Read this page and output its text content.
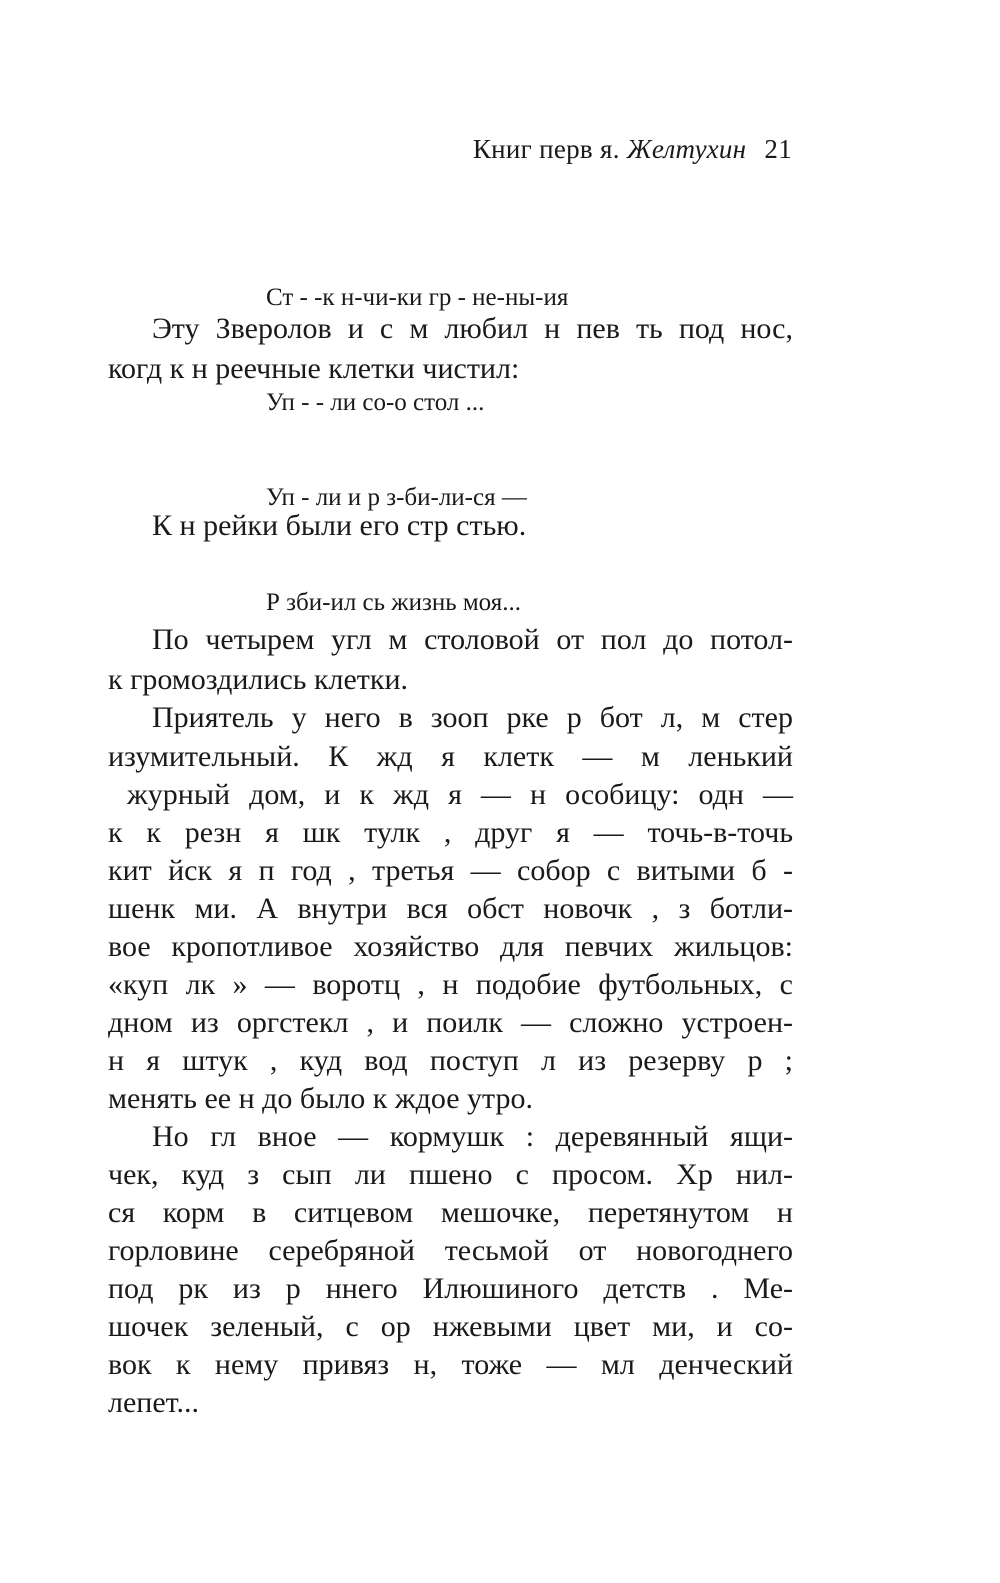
Книг перв я. Желтухин 21

Ст - -к н-чи-ки гр - не-ны-ия

Уп - - ли со-о стол ...

Эту Зверолов и с м любил н пев ть под нос,
когд к н реечные клетки чистил:

Уп - ли и р з-би-ли-ся —

Р зби-ил сь жизнь моя...

К н рейки были его стр стью.
По четырем угл м столовой от пол до потол-
к громоздились клетки.
Приятель у него в зооп рке р бот л, м стер
изумительный. К жд я клетк — м ленький
журный дом, и к жд я — н особицу: одн —
к к резн я шк тулк , друг я — точь-в-точь
кит йск я п год , третья — собор с витыми б -
шенк ми. А внутри вся обст новочк , з ботли-
вое кропотливое хозяйство для певчих жильцов:
«куп лк » — воротц , н подобие футбольных, с
дном из оргстекл , и поилк — сложно устроен-
н я штук , куд вод поступ л из резерву р ;
менять ее н до было к ждое утро.
Но гл вное — кормушк : деревянный ящи-
чек, куд з сып ли пшено с просом. Хр нил-
ся корм в ситцевом мешочке, перетянутом н
горловине серебряной тесьмой от новогоднего
под рк из р ннего Илюшиного детств . Ме-
шочек зеленый, с ор нжевыми цвет ми, и со-
вок к нему привяз н, тоже — мл денческий
лепет...
